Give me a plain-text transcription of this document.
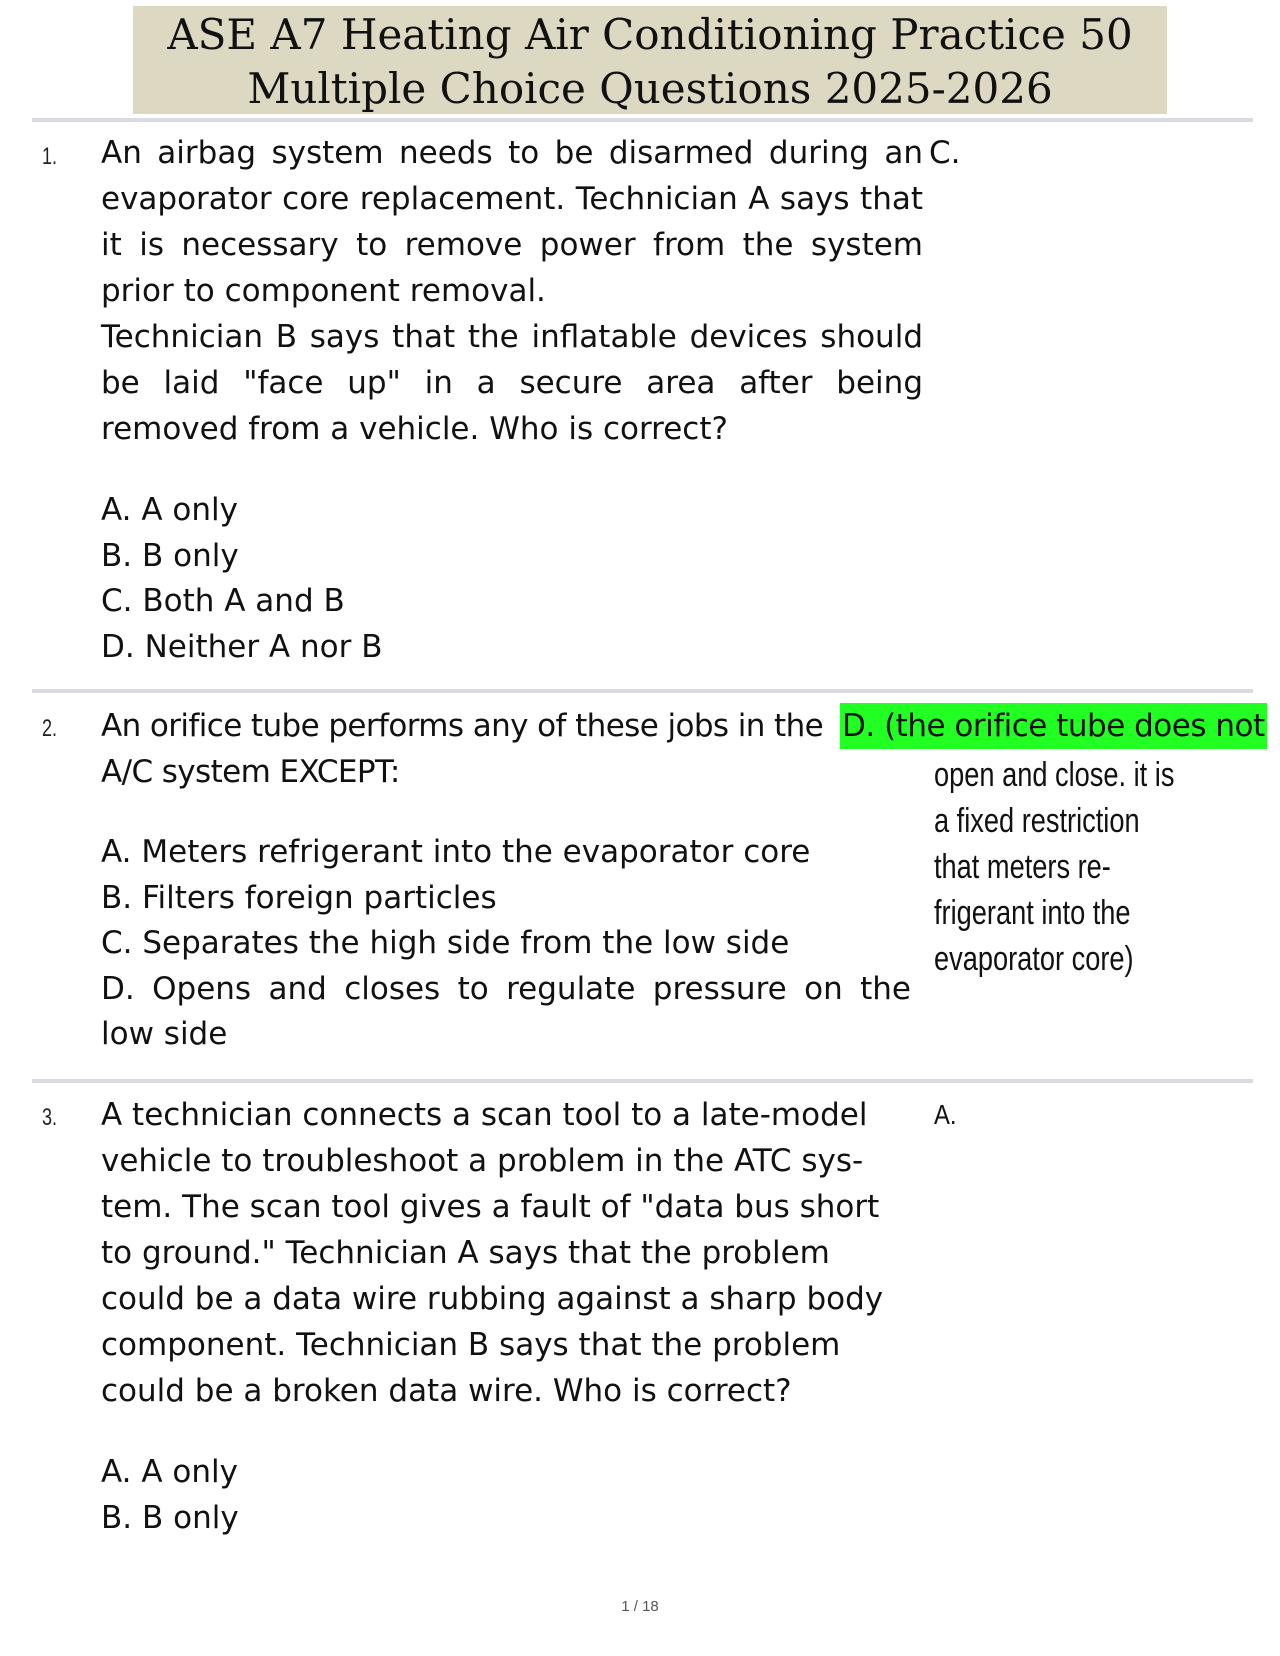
ASE A7 Heating Air Conditioning Practice 50
Multiple Choice Questions 2025-2026
1. An airbag system needs to be disarmed during an evaporator core replacement. Technician A says that it is necessary to remove power from the system prior to component removal.

Technician B says that the inflatable devices should be laid "face up" in a secure area after being removed from a vehicle. Who is correct?

C.
A. A only
B. B only
C. Both A and B
D. Neither A nor B
2. An orifice tube performs any of these jobs in the A/C system EXCEPT:
D. (the orifice tube does not
open and close. it is a fixed restriction that meters re- frigerant into the evaporator core)
A. Meters refrigerant into the evaporator core
B. Filters foreign particles
C. Separates the high side from the low side
D. Opens and closes to regulate pressure on the low side
3. A technician connects a scan tool to a late-model vehicle to troubleshoot a problem in the ATC sys- tem. The scan tool gives a fault of "data bus short to ground." Technician A says that the problem could be a data wire rubbing against a sharp body component. Technician B says that the problem could be a broken data wire. Who is correct?
A.
A. A only
B. B only
1 / 18
